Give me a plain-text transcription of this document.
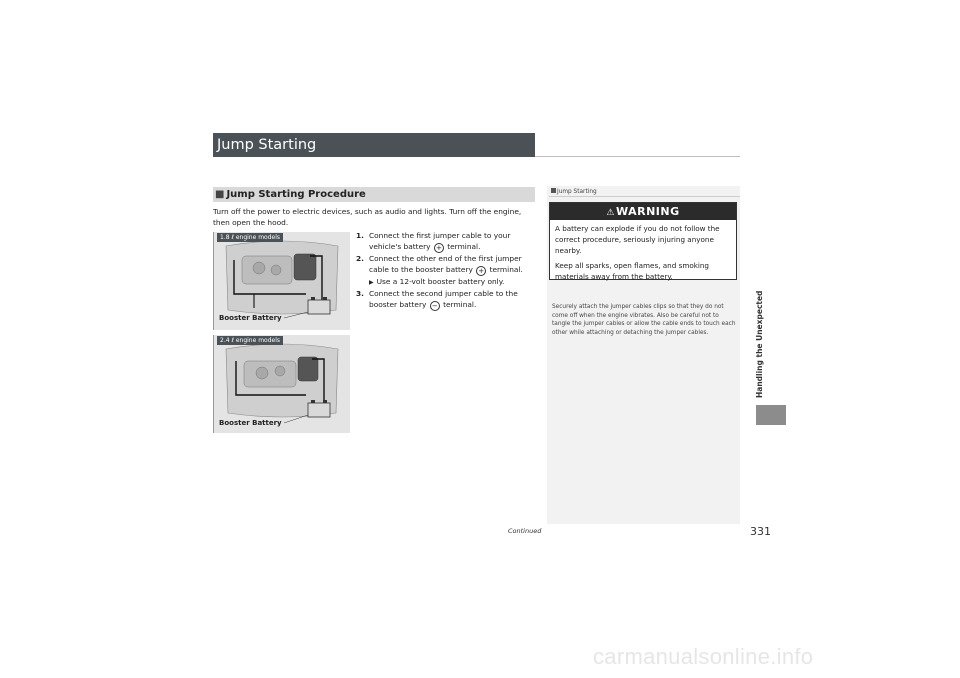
Jump Starting
■ Jump Starting Procedure
Turn off the power to electric devices, such as audio and lights. Turn off the engine, then open the hood.
1. Connect the first jumper cable to your vehicle's battery + terminal.
2. Connect the other end of the first jumper cable to the booster battery + terminal.
▶ Use a 12-volt booster battery only.
3. Connect the second jumper cable to the booster battery − terminal.
1.8 ℓ engine models
Booster Battery
2.4 ℓ engine models
Booster Battery
Jump Starting
⚠WARNING

A battery can explode if you do not follow the correct procedure, seriously injuring anyone nearby.

Keep all sparks, open flames, and smoking materials away from the battery.

Securely attach the jumper cables clips so that they do not come off when the engine vibrates. Also be careful not to tangle the jumper cables or allow the cable ends to touch each other while attaching or detaching the jumper cables.	Handling the Unexpected
Continued	331
carmanualsonline.info
